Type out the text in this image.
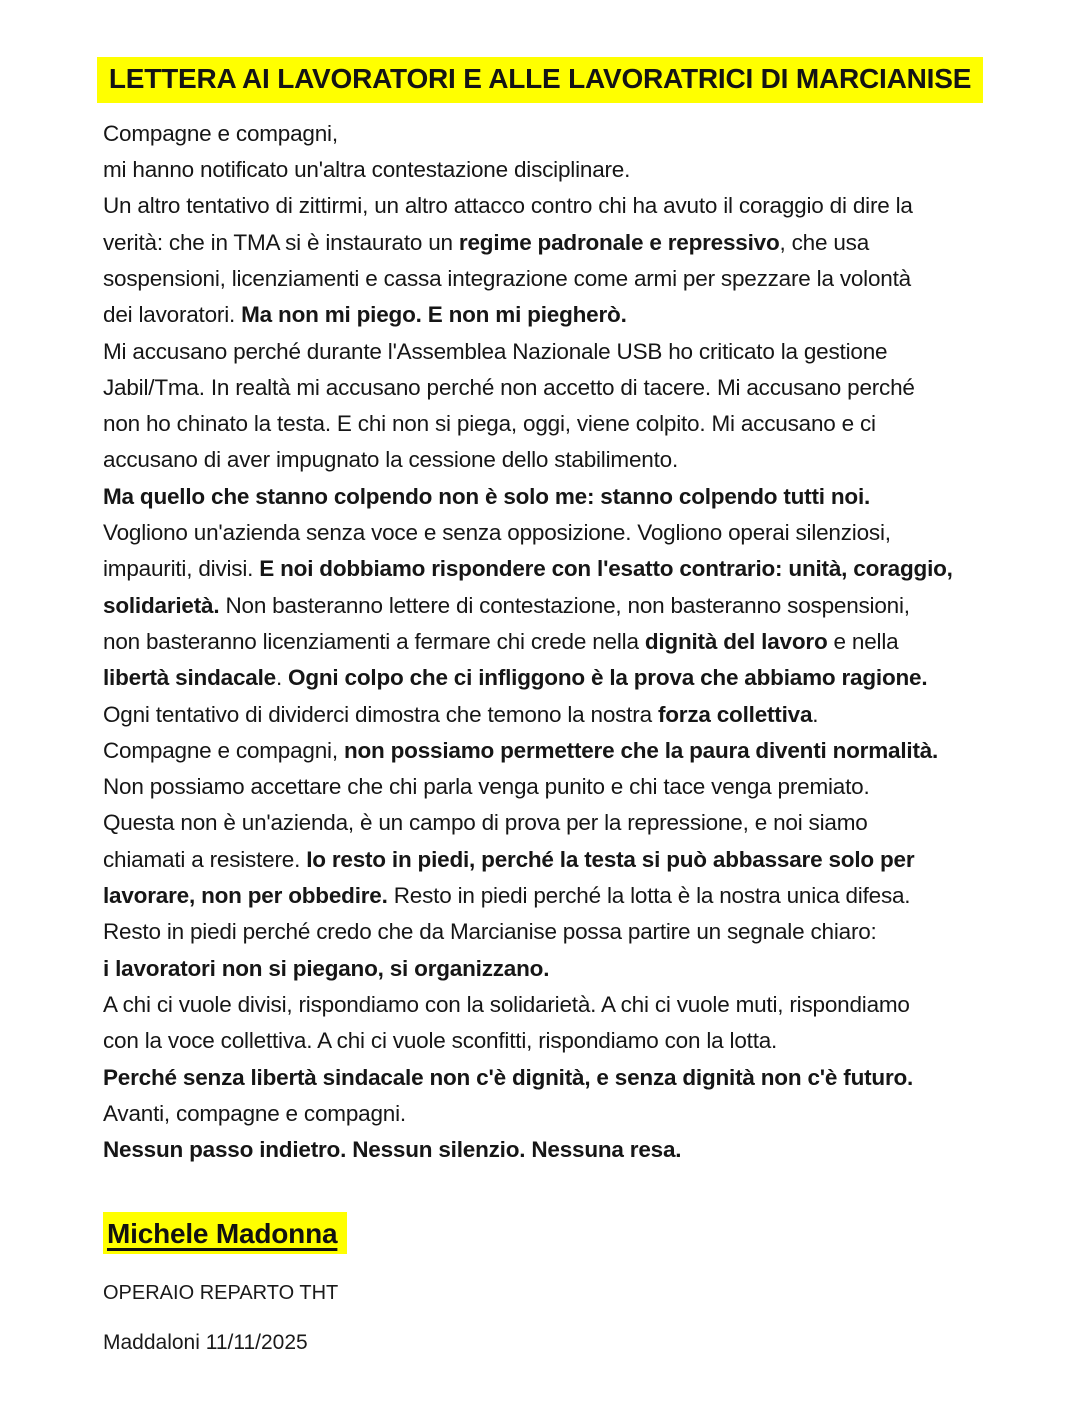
LETTERA AI LAVORATORI E ALLE LAVORATRICI DI MARCIANISE
Compagne e compagni,
mi hanno notificato un'altra contestazione disciplinare.
Un altro tentativo di zittirmi, un altro attacco contro chi ha avuto il coraggio di dire la
verità: che in TMA si è instaurato un regime padronale e repressivo, che usa
sospensioni, licenziamenti e cassa integrazione come armi per spezzare la volontà
dei lavoratori. Ma non mi piego. E non mi piegherò.
Mi accusano perché durante l'Assemblea Nazionale USB ho criticato la gestione
Jabil/Tma. In realtà mi accusano perché non accetto di tacere. Mi accusano perché
non ho chinato la testa. E chi non si piega, oggi, viene colpito. Mi accusano e ci
accusano di aver impugnato la cessione dello stabilimento.
Ma quello che stanno colpendo non è solo me: stanno colpendo tutti noi.
Vogliono un'azienda senza voce e senza opposizione. Vogliono operai silenziosi,
impauriti, divisi. E noi dobbiamo rispondere con l'esatto contrario: unità, coraggio,
solidarietà. Non basteranno lettere di contestazione, non basteranno sospensioni,
non basteranno licenziamenti a fermare chi crede nella dignità del lavoro e nella
libertà sindacale. Ogni colpo che ci infliggono è la prova che abbiamo ragione.
Ogni tentativo di dividerci dimostra che temono la nostra forza collettiva.
Compagne e compagni, non possiamo permettere che la paura diventi normalità.
Non possiamo accettare che chi parla venga punito e chi tace venga premiato.
Questa non è un'azienda, è un campo di prova per la repressione, e noi siamo
chiamati a resistere. Io resto in piedi, perché la testa si può abbassare solo per
lavorare, non per obbedire. Resto in piedi perché la lotta è la nostra unica difesa.
Resto in piedi perché credo che da Marcianise possa partire un segnale chiaro:
i lavoratori non si piegano, si organizzano.
A chi ci vuole divisi, rispondiamo con la solidarietà. A chi ci vuole muti, rispondiamo
con la voce collettiva. A chi ci vuole sconfitti, rispondiamo con la lotta.
Perché senza libertà sindacale non c'è dignità, e senza dignità non c'è futuro.
Avanti, compagne e compagni.
Nessun passo indietro. Nessun silenzio. Nessuna resa.
Michele Madonna
OPERAIO REPARTO THT
Maddaloni 11/11/2025
